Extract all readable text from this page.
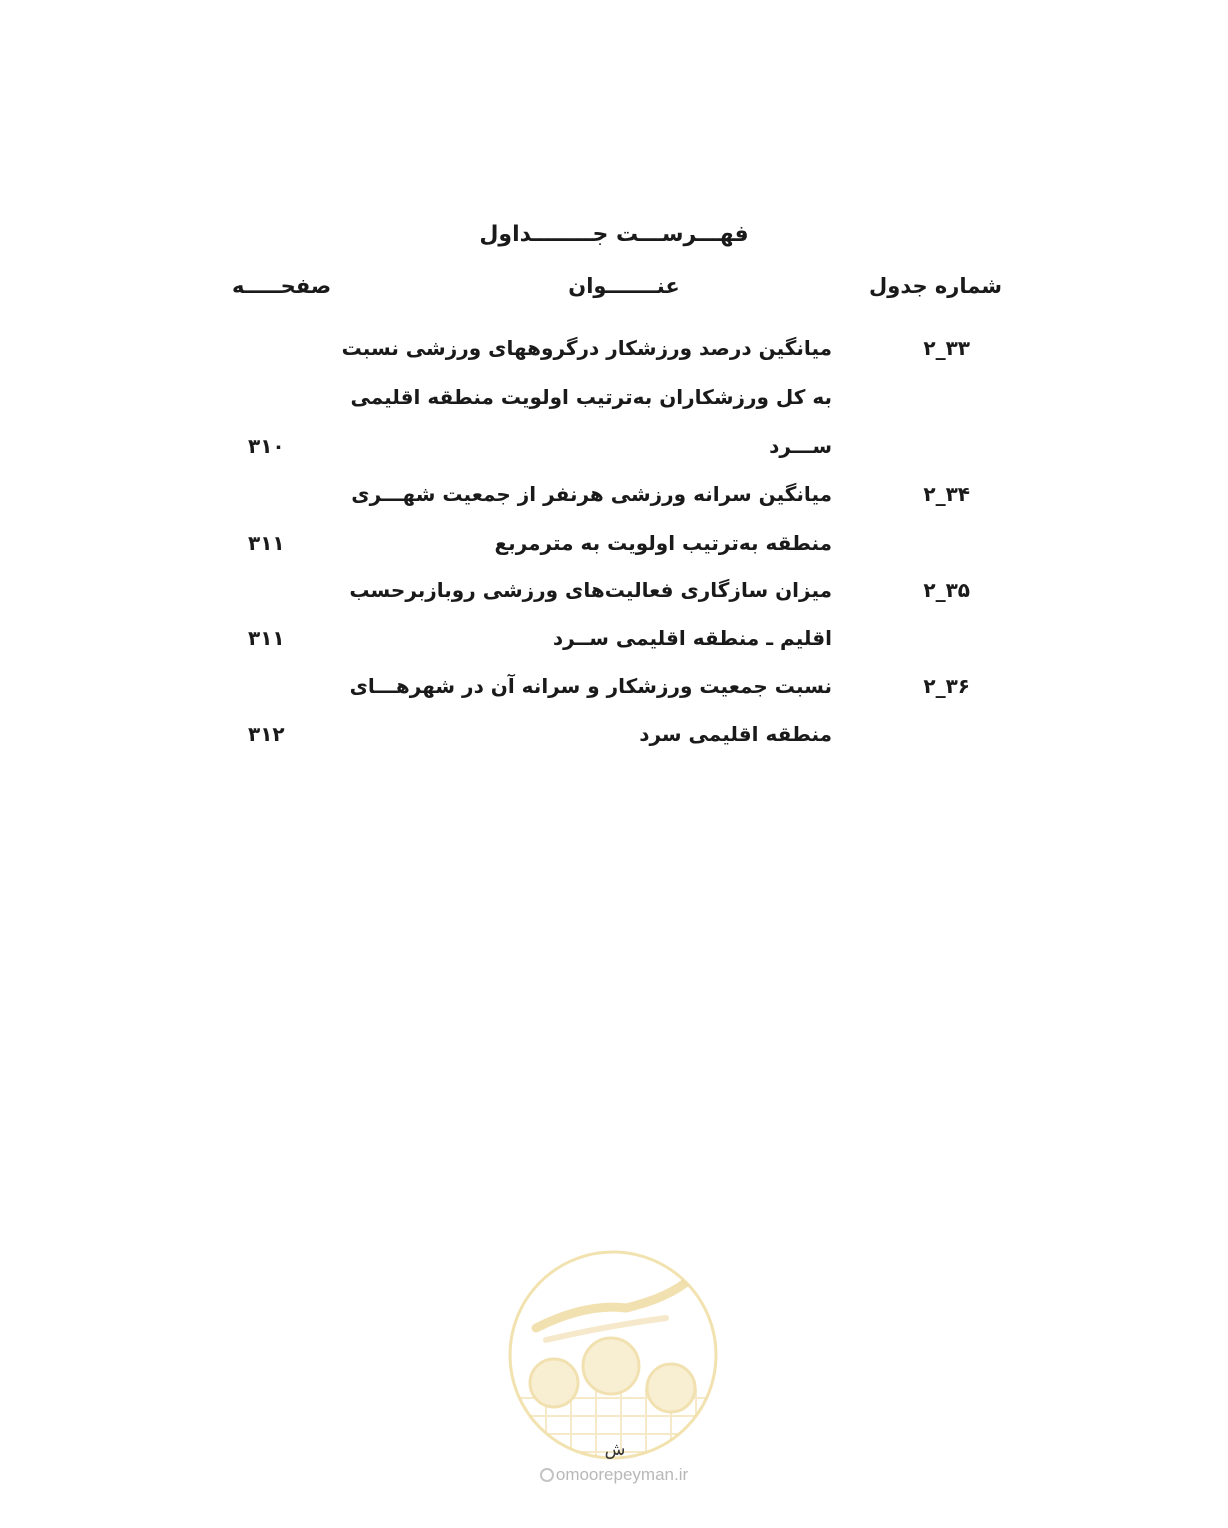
فهـــرســـت جــــــــداول
شماره جدول
عنـــــــوان
صفحـــــه
۲_۳۳
میانگین درصد ورزشکار درگروههای ورزشی نسبت
به کل ورزشکاران به‌ترتیب اولویت منطقه اقلیمی
ســـرد
۳۱۰
۲_۳۴
میانگین سرانه ورزشی هرنفر از جمعیت شهـــری
منطقه به‌ترتیب اولویت به مترمربع
۳۱۱
۲_۳۵
میزان سازگاری فعالیت‌های ورزشی روبازبرحسب
اقلیم ـ منطقه اقلیمی ســرد
۳۱۱
۲_۳۶
نسبت جمعیت ورزشکار و سرانه آن در شهرهـــای
منطقه اقلیمی سرد
۳۱۲
ش
omoorepeyman.ir
